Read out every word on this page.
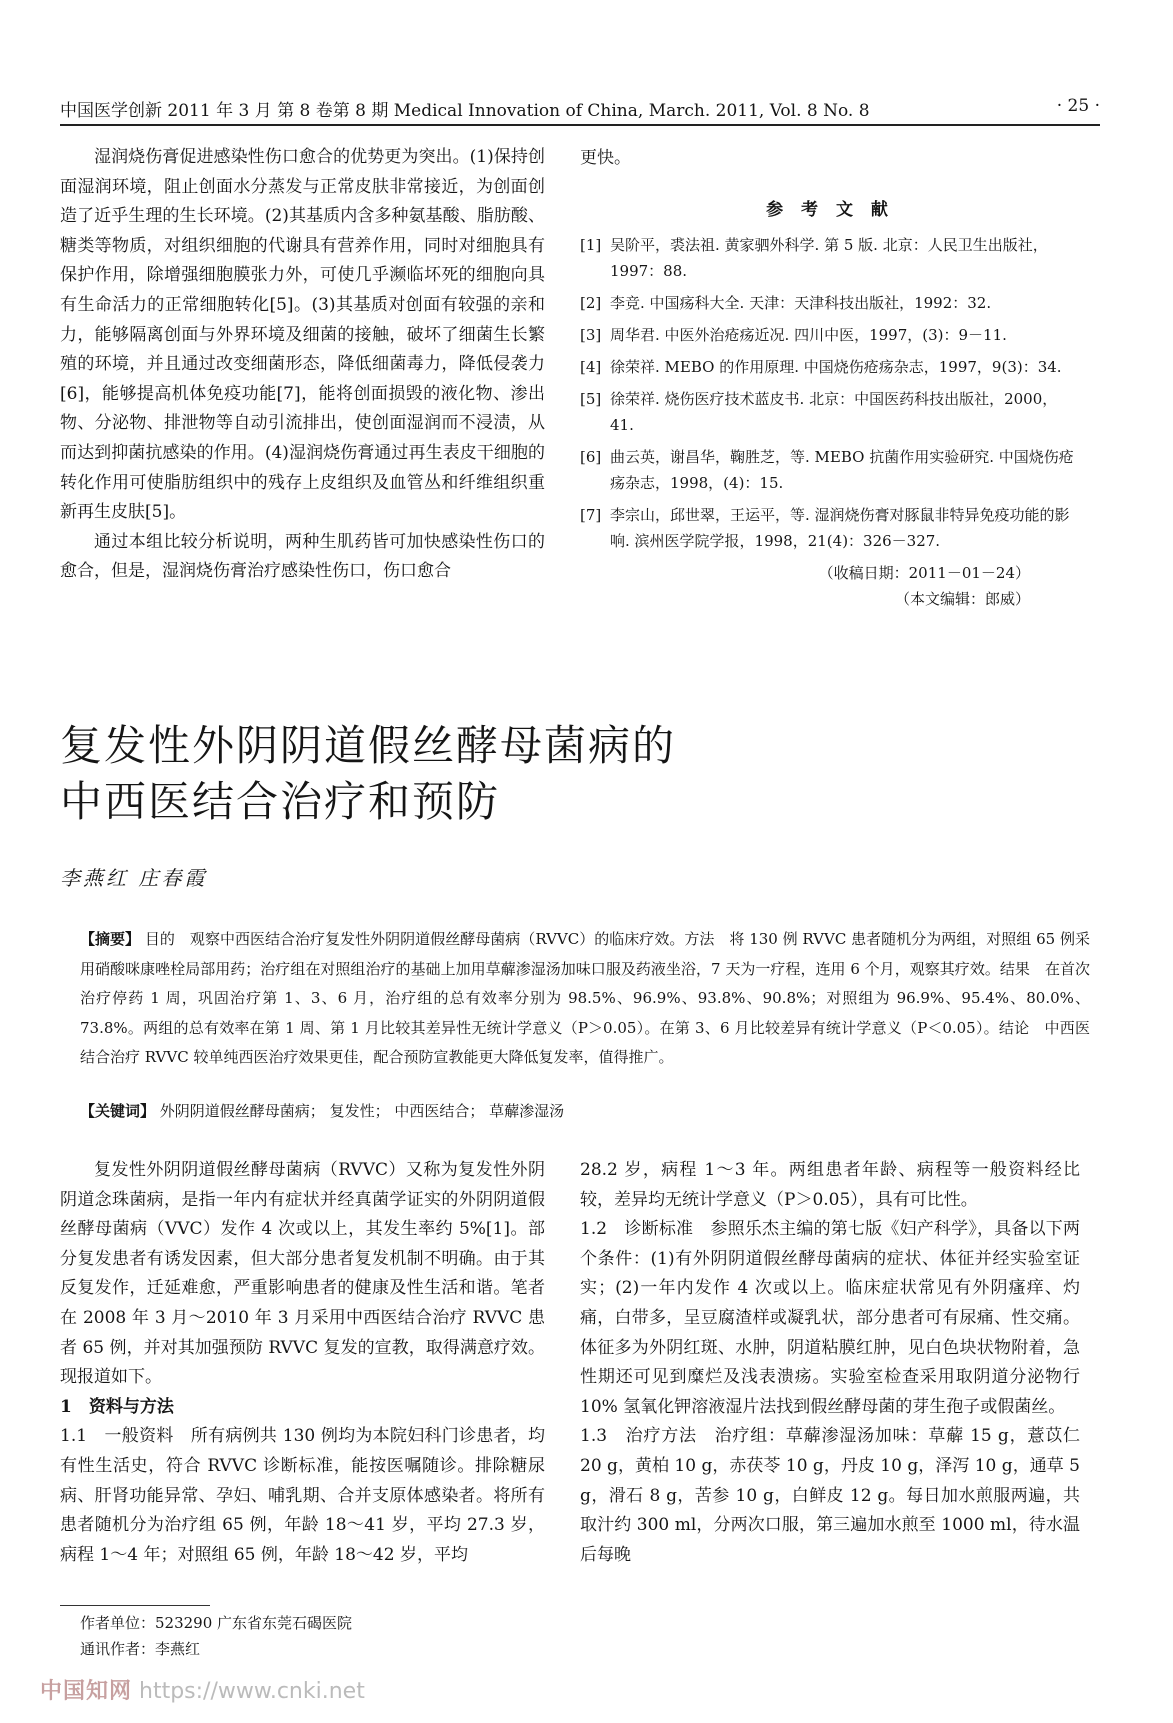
中国医学创新 2011 年 3 月 第 8 卷第 8 期 Medical Innovation of China, March. 2011, Vol. 8 No. 8	· 25 ·

湿润烧伤膏促进感染性伤口愈合的优势更为突出。(1)保持创面湿润环境，阻止创面水分蒸发与正常皮肤非常接近，为创面创造了近乎生理的生长环境。(2)其基质内含多种氨基酸、脂肪酸、糖类等物质，对组织细胞的代谢具有营养作用，同时对细胞具有保护作用，除增强细胞膜张力外，可使几乎濒临坏死的细胞向具有生命活力的正常细胞转化[5]。(3)其基质对创面有较强的亲和力，能够隔离创面与外界环境及细菌的接触，破坏了细菌生长繁殖的环境，并且通过改变细菌形态，降低细菌毒力，降低侵袭力[6]，能够提高机体免疫功能[7]，能将创面损毁的液化物、渗出物、分泌物、排泄物等自动引流排出，使创面湿润而不浸渍，从而达到抑菌抗感染的作用。(4)湿润烧伤膏通过再生表皮干细胞的转化作用可使脂肪组织中的残存上皮组织及血管丛和纤维组织重新再生皮肤[5]。

通过本组比较分析说明，两种生肌药皆可加快感染性伤口的愈合，但是，湿润烧伤膏治疗感染性伤口，伤口愈合

更快。
参 考 文 献
[1] 吴阶平，裘法祖. 黄家驷外科学. 第 5 版. 北京：人民卫生出版社，1997：88.
[2] 李竞. 中国疡科大全. 天津：天津科技出版社，1992：32.
[3] 周华君. 中医外治疮疡近况. 四川中医，1997，(3)：9－11.
[4] 徐荣祥. MEBO 的作用原理. 中国烧伤疮疡杂志，1997，9(3)：34.
[5] 徐荣祥. 烧伤医疗技术蓝皮书. 北京：中国医药科技出版社，2000，41.
[6] 曲云英，谢昌华，鞠胜芝，等. MEBO 抗菌作用实验研究. 中国烧伤疮疡杂志，1998，(4)：15.
[7] 李宗山，邱世翠，王运平，等. 湿润烧伤膏对豚鼠非特异免疫功能的影响. 滨州医学院学报，1998，21(4)：326－327.
（收稿日期：2011－01－24）
（本文编辑：郎威）
复发性外阴阴道假丝酵母菌病的
中西医结合治疗和预防
李燕红 庄春霞
【摘要】 目的　观察中西医结合治疗复发性外阴阴道假丝酵母菌病（RVVC）的临床疗效。方法　将 130 例 RVVC 患者随机分为两组，对照组 65 例采用硝酸咪康唑栓局部用药；治疗组在对照组治疗的基础上加用草薢渗湿汤加味口服及药液坐浴，7 天为一疗程，连用 6 个月，观察其疗效。结果　在首次治疗停药 1 周，巩固治疗第 1、3、6 月，治疗组的总有效率分别为 98.5%、96.9%、93.8%、90.8%；对照组为 96.9%、95.4%、80.0%、73.8%。两组的总有效率在第 1 周、第 1 月比较其差异性无统计学意义（P＞0.05）。在第 3、6 月比较差异有统计学意义（P＜0.05）。结论　中西医结合治疗 RVVC 较单纯西医治疗效果更佳，配合预防宣教能更大降低复发率，值得推广。
【关键词】 外阴阴道假丝酵母菌病； 复发性； 中西医结合； 草薢渗湿汤

复发性外阴阴道假丝酵母菌病（RVVC）又称为复发性外阴阴道念珠菌病，是指一年内有症状并经真菌学证实的外阴阴道假丝酵母菌病（VVC）发作 4 次或以上，其发生率约 5%[1]。部分复发患者有诱发因素，但大部分患者复发机制不明确。由于其反复发作，迁延难愈，严重影响患者的健康及性生活和谐。笔者在 2008 年 3 月～2010 年 3 月采用中西医结合治疗 RVVC 患者 65 例，并对其加强预防 RVVC 复发的宣教，取得满意疗效。现报道如下。

1　资料与方法

1.1　一般资料　所有病例共 130 例均为本院妇科门诊患者，均有性生活史，符合 RVVC 诊断标准，能按医嘱随诊。排除糖尿病、肝肾功能异常、孕妇、哺乳期、合并支原体感染者。将所有患者随机分为治疗组 65 例，年龄 18～41 岁，平均 27.3 岁，病程 1～4 年；对照组 65 例，年龄 18～42 岁，平均

28.2 岁，病程 1～3 年。两组患者年龄、病程等一般资料经比较，差异均无统计学意义（P＞0.05），具有可比性。

1.2　诊断标准　参照乐杰主编的第七版《妇产科学》，具备以下两个条件：(1)有外阴阴道假丝酵母菌病的症状、体征并经实验室证实；(2)一年内发作 4 次或以上。临床症状常见有外阴瘙痒、灼痛，白带多，呈豆腐渣样或凝乳状，部分患者可有尿痛、性交痛。体征多为外阴红斑、水肿，阴道粘膜红肿，见白色块状物附着，急性期还可见到糜烂及浅表溃疡。实验室检查采用取阴道分泌物行 10% 氢氧化钾溶液湿片法找到假丝酵母菌的芽生孢子或假菌丝。

1.3　治疗方法　治疗组：草薢渗湿汤加味：草薢 15 g，薏苡仁 20 g，黄柏 10 g，赤茯苓 10 g，丹皮 10 g，泽泻 10 g，通草 5 g，滑石 8 g，苦参 10 g，白鲜皮 12 g。每日加水煎服两遍，共取汁约 300 ml，分两次口服，第三遍加水煎至 1000 ml，待水温后每晚

作者单位：523290 广东省东莞石碣医院
通讯作者：李燕红
中国知网 https://www.cnki.net
